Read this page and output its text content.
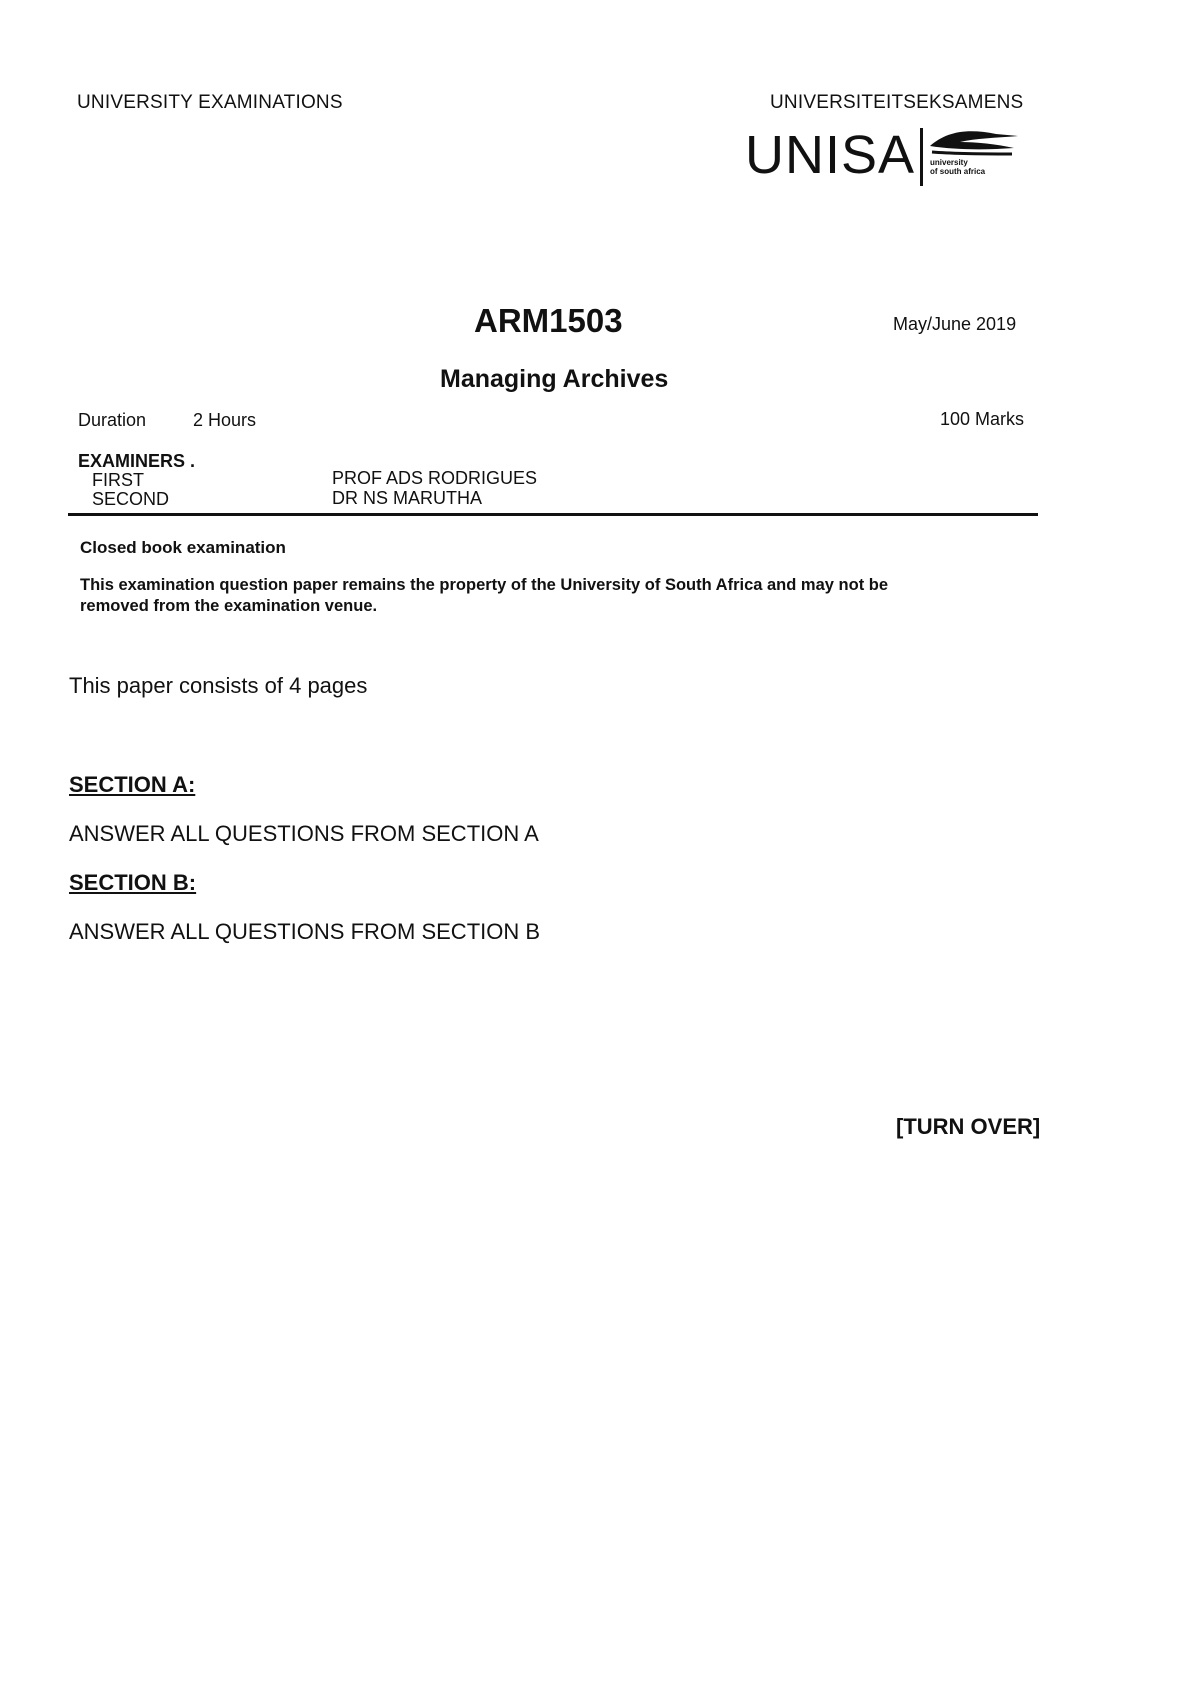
UNIVERSITY EXAMINATIONS	UNIVERSITEITSEKSAMENS
UNISA university
of south africa
ARM1503	May/June 2019
Managing Archives
Duration	2 Hours	100 Marks
EXAMINERS .
FIRST	PROF ADS RODRIGUES
SECOND	DR NS MARUTHA
Closed book examination
This examination question paper remains the property of the University of South Africa and may not be
removed from the examination venue.
This paper consists of 4 pages
SECTION A:
ANSWER ALL QUESTIONS FROM SECTION A
SECTION B:
ANSWER ALL QUESTIONS FROM SECTION B
[TURN OVER]
